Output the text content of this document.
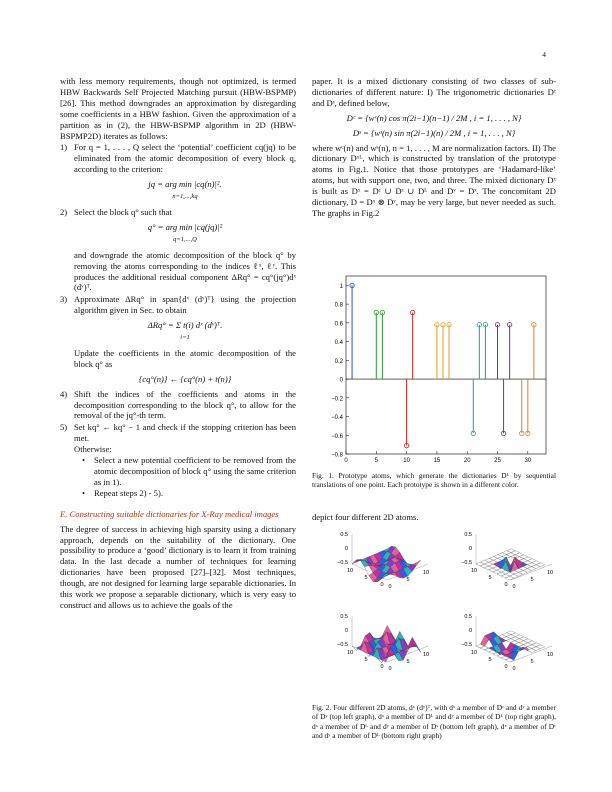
4

with less memory requirements, though not optimized, is termed HBW Backwards Self Projected Matching pursuit (HBW-BSPMP) [26]. This method downgrades an approximation by disregarding some coefficients in a HBW fashion. Given the approximation of a partition as in (2), the HBW-BSPMP algorithm in 2D (HBW-BSPMP2D) iterates as follows:

1) For q = 1, . . . , Q select the ‘potential’ coefficient cq(jq) to be eliminated from the atomic decomposition of every block q, according to the criterion:
jq = arg min |cq(n)|².
n=1,...,kq
2) Select the block q° such that
q° = arg min |cq(jq)|²
q=1,...,Q

and downgrade the atomic decomposition of the block q° by removing the atoms corresponding to the indices ℓˣ, ℓʸ. This produces the additional residual component ΔRq° = cq°(jq°)dˣ (dʸ)ᵀ.

3) Approximate ΔRq° in span{dˣ (dʸ)ᵀ} using the projection algorithm given in Sec. to obtain
ΔRq° = Σ t(i) dˣ (dʸ)ᵀ.
i=1

Update the coefficients in the atomic decomposition of the block q° as

{cq°(n)} ← {cq°(n) + t(n)}
4) Shift the indices of the coefficients and atoms in the decomposition corresponding to the block q°, to allow for the removal of the jq°-th term.
5) Set kq° ← kq° − 1 and check if the stopping criterion has been met.

Otherwise:

• Select a new potential coefficient to be removed from the atomic decomposition of block q° using the same criterion as in 1).
• Repeat steps 2) - 5).

E. Constructing suitable dictionaries for X-Ray medical images

The degree of success in achieving high sparsity using a dictionary approach, depends on the suitability of the dictionary. One possibility to produce a ‘good’ dictionary is to learn it from training data. In the last decade a number of techniques for learning dictionaries have been proposed [27]–[32]. Most techniques, though, are not designed for learning large separable dictionaries. In this work we propose a separable dictionary, which is very easy to construct and allows us to achieve the goals of the

paper. It is a mixed dictionary consisting of two classes of sub-dictionaries of different nature: I) The trigonometric dictionaries Dᶜ and Dˢ, defined below,

Dᶜ = {wᶜ(n) cos π(2i−1)(n−1) / 2M , i = 1, . . . , N}
Dˢ = {wˢ(n) sin π(2i−1)(n) / 2M , i = 1, . . . , N}

where wᶜ(n) and wˢ(n), n = 1, . . . , M are normalization factors. II) The dictionary Dˣᴸ, which is constructed by translation of the prototype atoms in Fig.1. Notice that those prototypes are ‘Hadamard-like’ atoms, but with support one, two, and three. The mixed dictionary Dˣ is built as Dˣ = Dᶜ ∪ Dˢ ∪ Dᴸ and Dʸ = Dˣ. The concomitant 2D dictionary, D = Dˣ ⊗ Dʸ, may be very large, but never needed as such. The graphs in Fig.2

1
0.8
0.6
0.4
0.2
0
−0.2
−0.4
−0.6
−0.8
0	5	10	15	20	25	30

Fig. 1. Prototype atoms, which generate the dictionaries Dᴸ by sequential translations of one point. Each prototype is shown in a different color.

depict four different 2D atoms.

0.5
0
−0.5
10
5
0 0
5
10
0.5
0
−0.5
10
5
0 0
5
10
0.5
0
−0.5
10
5
0 0
5
10
0.5
0
−0.5
10
5
0 0
5
10

Fig. 2. Four different 2D atoms, dˣ (dʸ)ᵀ, with dˣ a member of Dᶜ and dʸ a member of Dʸ (top left graph), dˣ a member of Dᴸ and dʸ a member of Dᴸ (top right graph), dˣ a member of Dᴸ and dʸ a member of Dˢ (bottom left graph), dˣ a member of Dᶜ and dʸ a member of Dᴸ (bottom right graph)
